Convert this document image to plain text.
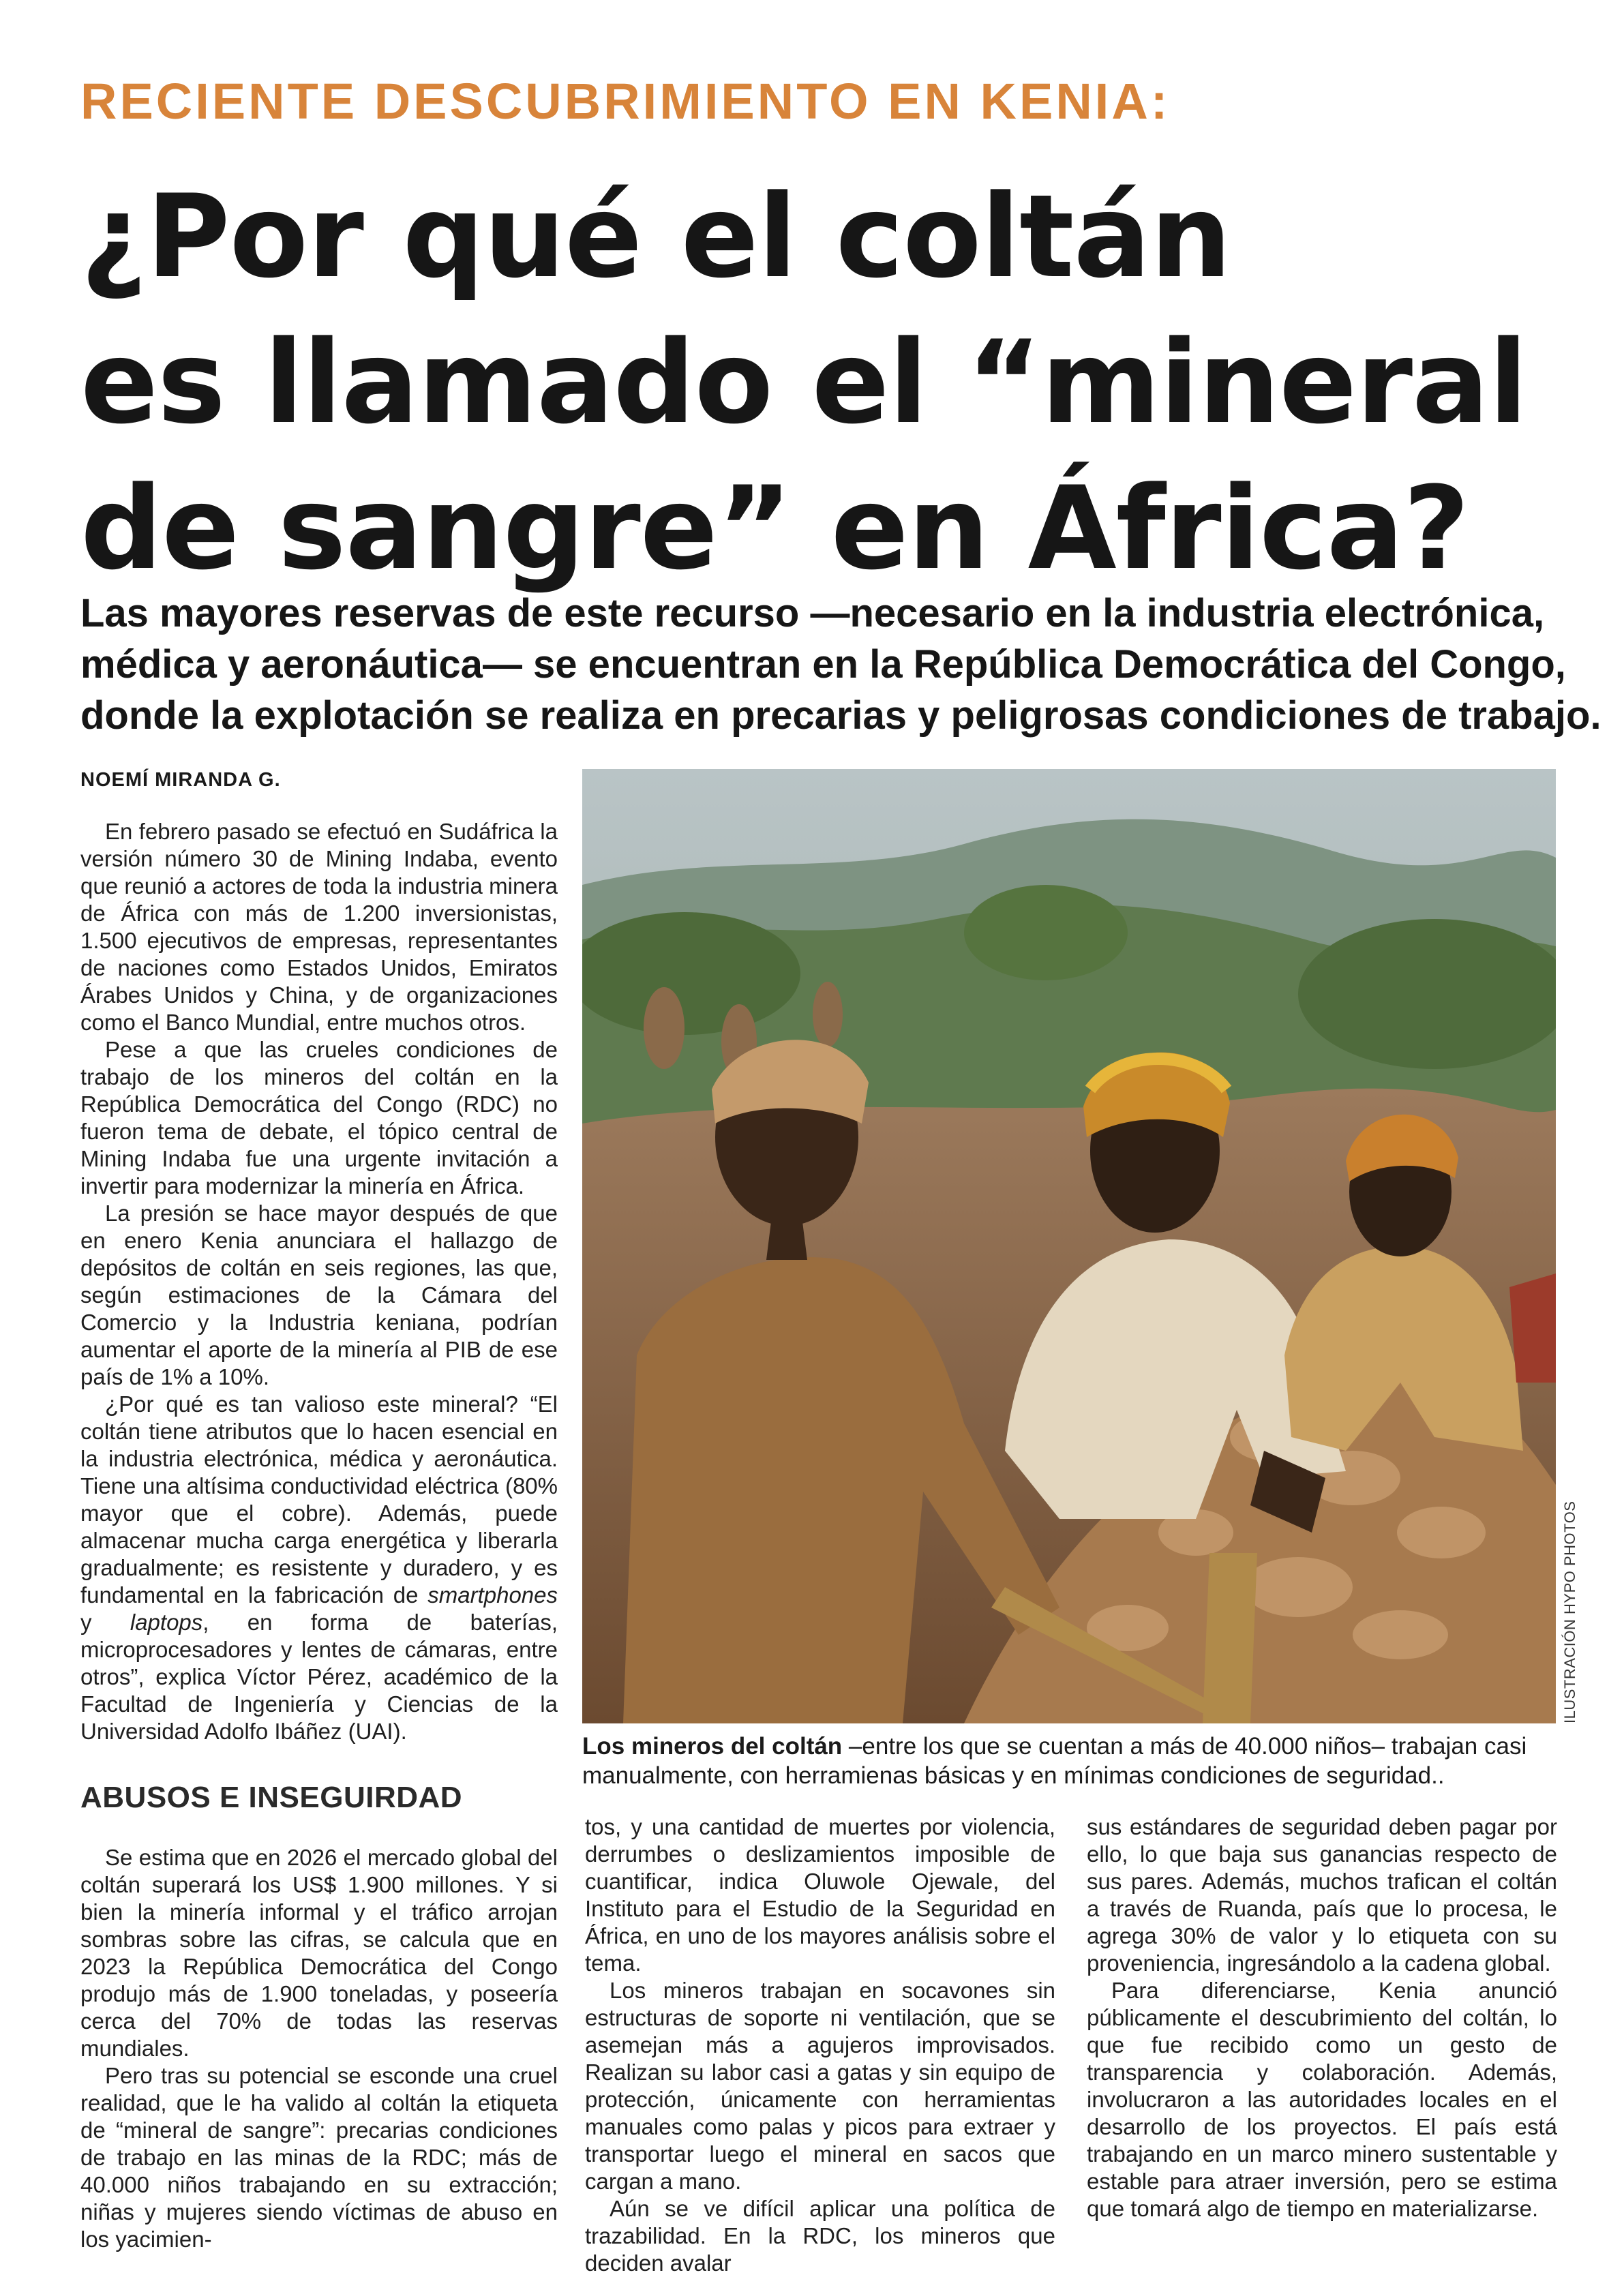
RECIENTE DESCUBRIMIENTO EN KENIA:
¿Por qué el coltán
es llamado el “mineral
de sangre” en África?
Las mayores reservas de este recurso —necesario en la industria electrónica,
médica y aeronáutica— se encuentran en la República Democrática del Congo,
donde la explotación se realiza en precarias y peligrosas condiciones de trabajo.
NOEMÍ MIRANDA G.

En febrero pasado se efectuó en Sudáfrica la versión número 30 de Mining Indaba, evento que reunió a actores de toda la industria minera de África con más de 1.200 inversionistas, 1.500 ejecutivos de empresas, representantes de naciones como Estados Unidos, Emiratos Árabes Unidos y China, y de organizaciones como el Banco Mundial, entre muchos otros.

Pese a que las crueles condiciones de trabajo de los mineros del coltán en la República Democrática del Congo (RDC) no fueron tema de debate, el tópico central de Mining Indaba fue una urgente invitación a invertir para modernizar la minería en África.

La presión se hace mayor después de que en enero Kenia anunciara el hallazgo de depósitos de coltán en seis regiones, las que, según estimaciones de la Cámara del Comercio y la Industria keniana, podrían aumentar el aporte de la minería al PIB de ese país de 1% a 10%.

¿Por qué es tan valioso este mineral? “El coltán tiene atributos que lo hacen esencial en la industria electrónica, médica y aeronáutica. Tiene una altísima conductividad eléctrica (80% mayor que el cobre). Además, puede almacenar mucha carga energética y liberarla gradualmente; es resistente y duradero, y es fundamental en la fabricación de smartphones y laptops, en forma de baterías, microprocesadores y lentes de cámaras, entre otros”, explica Víctor Pérez, académico de la Facultad de Ingeniería y Ciencias de la Universidad Adolfo Ibáñez (UAI).

ABUSOS E INSEGUIRDAD

Se estima que en 2026 el mercado global del coltán superará los US$ 1.900 millones. Y si bien la minería informal y el tráfico arrojan sombras sobre las cifras, se calcula que en 2023 la República Democrática del Congo produjo más de 1.900 toneladas, y poseería cerca del 70% de todas las reservas mundiales.

Pero tras su potencial se esconde una cruel realidad, que le ha valido al coltán la etiqueta de “mineral de sangre”: precarias condiciones de trabajo en las minas de la RDC; más de 40.000 niños trabajando en su extracción; niñas y mujeres siendo víctimas de abuso en los yacimien-

ILUSTRACIÓN HYPO PHOTOS
Los mineros del coltán –entre los que se cuentan a más de 40.000 niños– trabajan casi manualmente, con herramienas básicas y en mínimas condiciones de seguridad..

tos, y una cantidad de muertes por violencia, derrumbes o deslizamientos imposible de cuantificar, indica Oluwole Ojewale, del Instituto para el Estudio de la Seguridad en África, en uno de los mayores análisis sobre el tema.

Los mineros trabajan en socavones sin estructuras de soporte ni ventilación, que se asemejan más a agujeros improvisados. Realizan su labor casi a gatas y sin equipo de protección, únicamente con herramientas manuales como palas y picos para extraer y transportar luego el mineral en sacos que cargan a mano.

Aún se ve difícil aplicar una política de trazabilidad. En la RDC, los mineros que deciden avalar

sus estándares de seguridad deben pagar por ello, lo que baja sus ganancias respecto de sus pares. Además, muchos trafican el coltán a través de Ruanda, país que lo procesa, le agrega 30% de valor y lo etiqueta con su proveniencia, ingresándolo a la cadena global.

Para diferenciarse, Kenia anunció públicamente el descubrimiento del coltán, lo que fue recibido como un gesto de transparencia y colaboración. Además, involucraron a las autoridades locales en el desarrollo de los proyectos. El país está trabajando en un marco minero sustentable y estable para atraer inversión, pero se estima que tomará algo de tiempo en materializarse.
